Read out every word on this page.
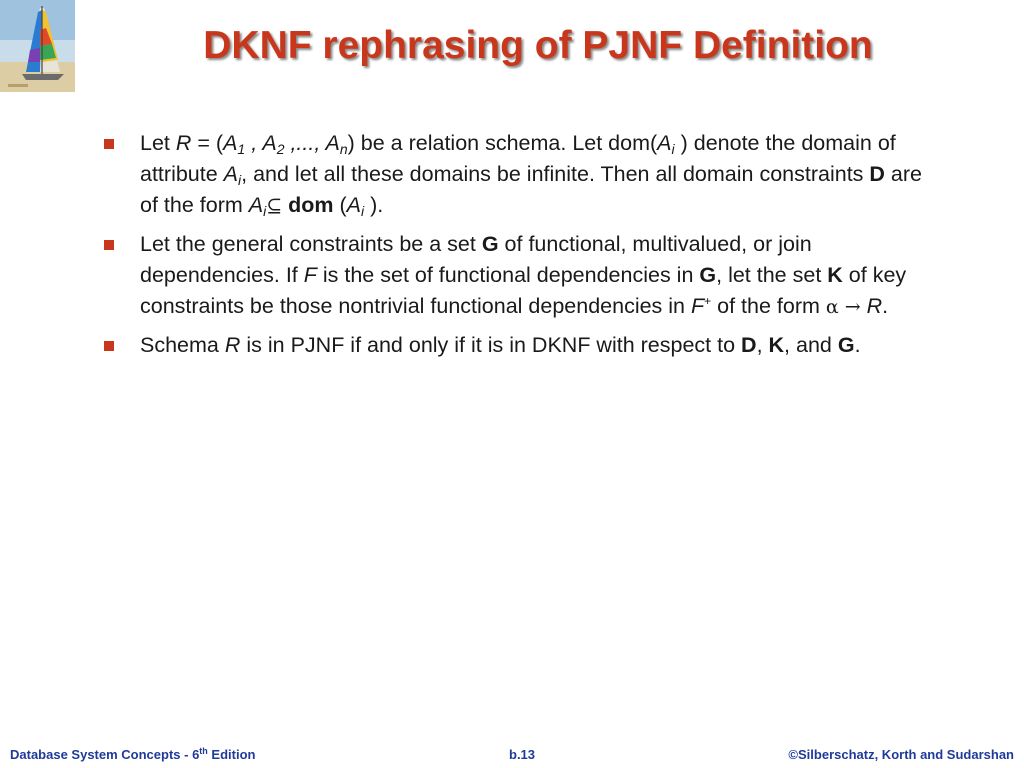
DKNF rephrasing of PJNF Definition
Let $R = (A_1$ , $A_2$ ,..., $A_n$) be a relation schema. Let $dom(A_i$ ) denote the domain of attribute $A_i$, and let all these domains be infinite. Then all domain constraints D are of the form $A_i⊆$ dom ($A_i$ ).
Let the general constraints be a set G of functional, multivalued, or join dependencies. If F is the set of functional dependencies in G, let the set K of key constraints be those nontrivial functional dependencies in F+ of the form α → R.
Schema R is in PJNF if and only if it is in DKNF with respect to D, K, and G.
Database System Concepts - 6th Edition	b.13	©Silberschatz, Korth and Sudarshan
